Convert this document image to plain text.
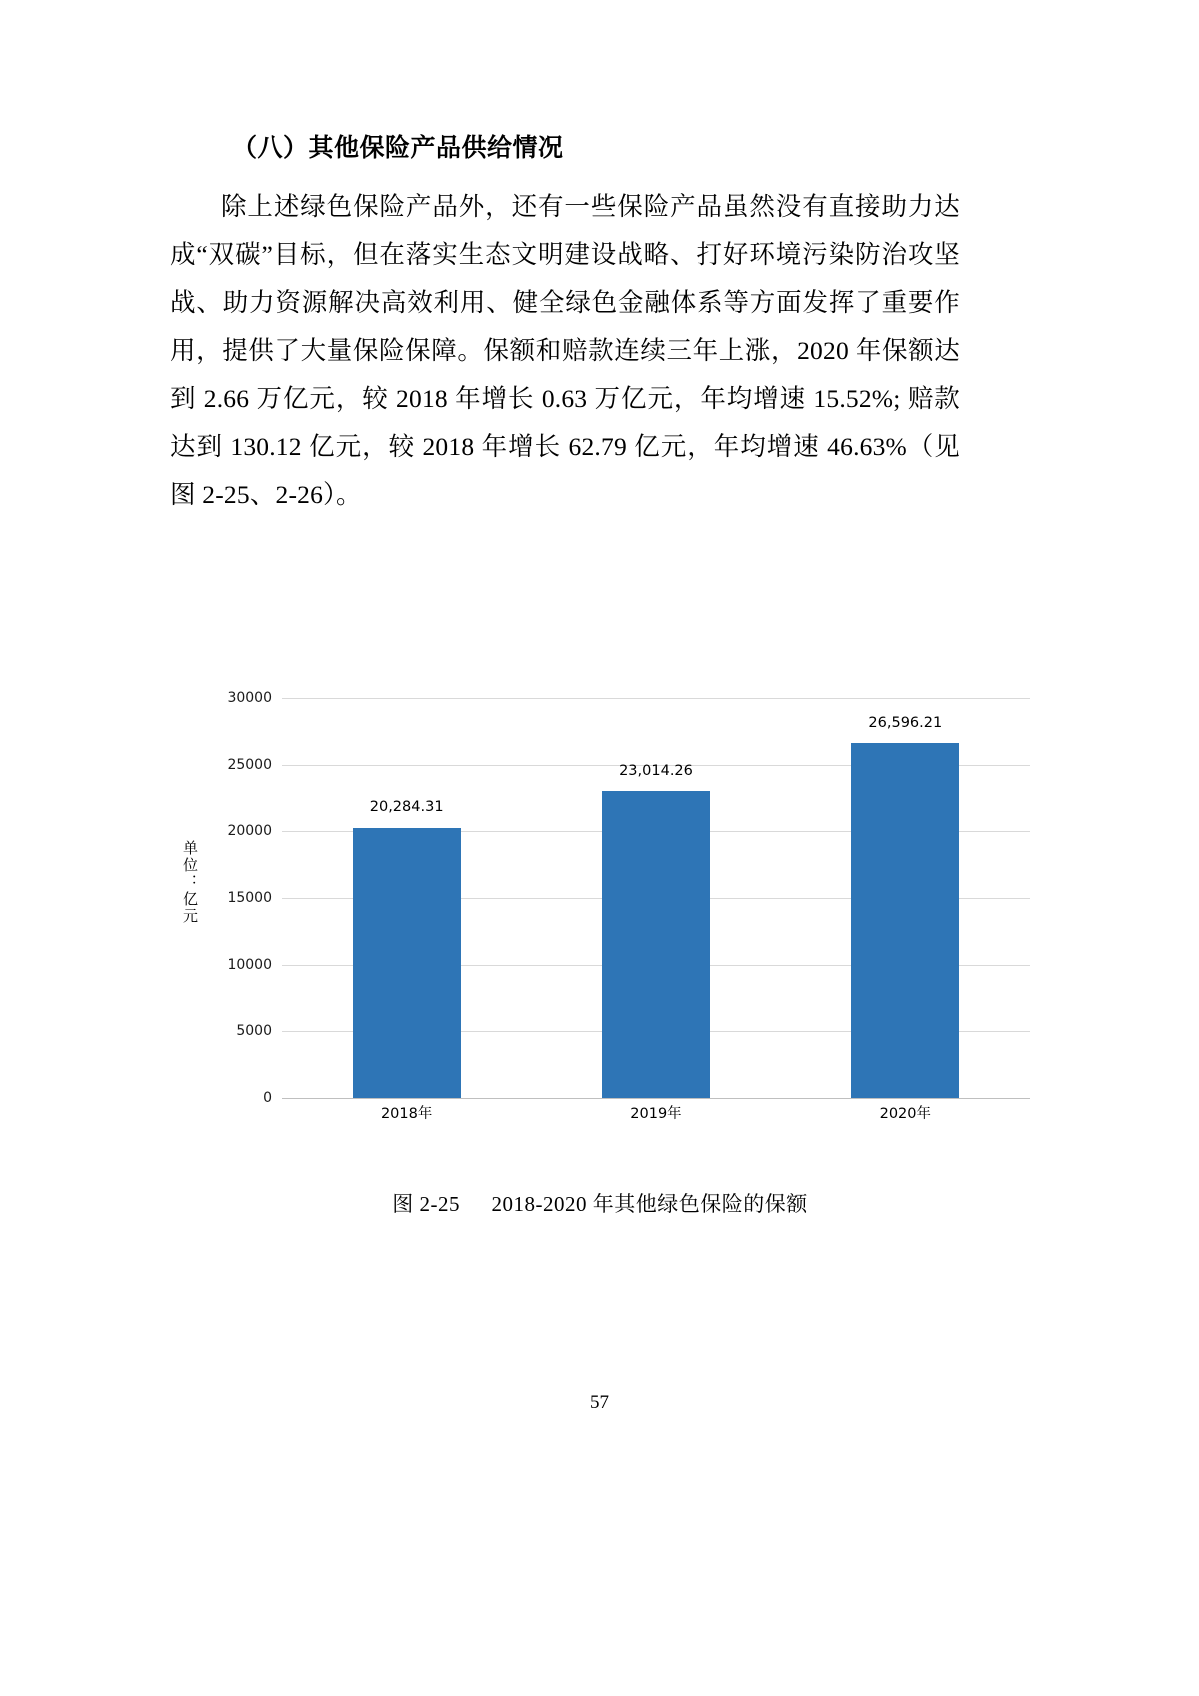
（八）其他保险产品供给情况

除上述绿色保险产品外，还有一些保险产品虽然没有直接助力达成“双碳”目标，但在落实生态文明建设战略、打好环境污染防治攻坚战、助力资源解决高效利用、健全绿色金融体系等方面发挥了重要作用，提供了大量保险保障。保额和赔款连续三年上涨，2020 年保额达到 2.66 万亿元，较 2018 年增长 0.63 万亿元，年均增速 15.52%; 赔款达到 130.12 亿元，较 2018 年增长 62.79 亿元，年均增速 46.63%（见图 2-25、2-26）。

单位：亿元
30000
25000
20000
15000
10000
5000
0
20,284.31
23,014.26
26,596.21
2018年	2019年	2020年
图 2-25 2018-2020 年其他绿色保险的保额
57
